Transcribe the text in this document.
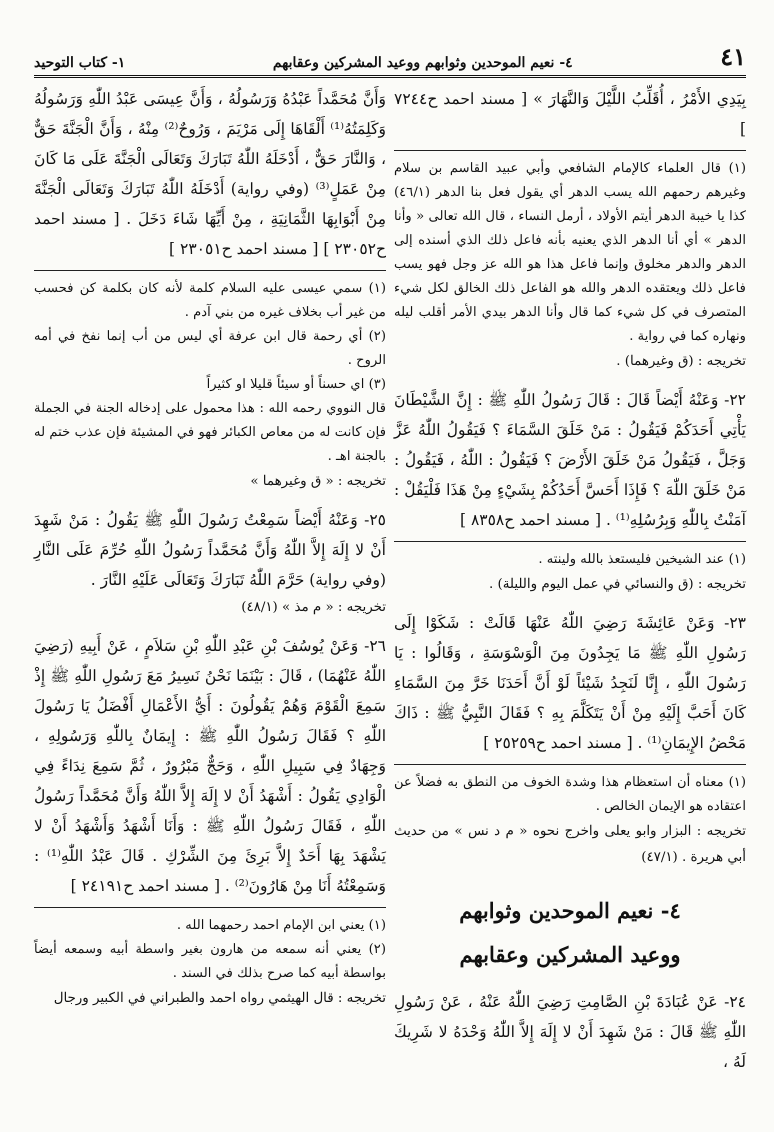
٤١
٤- نعيم الموحدين وثوابهم ووعيد المشركين وعقابهم
١- كتاب التوحيد

بِيَدِي الأَمْرُ ، أُقَلِّبُ اللَّيْلَ وَالنَّهَارَ » [ مسند احمد ح٧٢٤٤ ]

(١) قال العلماء كالإمام الشافعي وأبي عبيد القاسم بن سلام وغيرهم رحمهم الله يسب الدهر أي يقول فعل بنا الدهر (٤٦/١) كذا يا خيبة الدهر أيتم الأولاد ، أرمل النساء ، قال الله تعالى « وأنا الدهر » أي أنا الدهر الذي يعنيه بأنه فاعل ذلك الذي أسنده إلى الدهر والدهر مخلوق وإنما فاعل هذا هو الله عز وجل فهو يسب فاعل ذلك ويعتقده الدهر والله هو الفاعل ذلك الخالق لكل شيء المتصرف في كل شيء كما قال وأنا الدهر بيدي الأمر أقلب ليله ونهاره كما في رواية .

تخريجه : (ق وغيرهما) .

٢٢- وَعَنْهُ أَيْضاً قَالَ : قَالَ رَسُولُ اللّٰهِ ﷺ : إِنَّ الشَّيْطَانَ يَأْتِي أَحَدَكُمْ فَيَقُولُ : مَنْ خَلَقَ السَّمَاءَ ؟ فَيَقُولُ اللّٰهُ عَزَّ وَجَلَّ ، فَيَقُولُ مَنْ خَلَقَ الأَرْضَ ؟ فَيَقُولُ : اللّٰهُ ، فَيَقُولُ : مَنْ خَلَقَ اللّٰهَ ؟ فَإِذَا أَحَسَّ أَحَدُكُمْ بِشَيْءٍ مِنْ هَذَا فَلْيَقُلْ : آمَنْتُ بِاللّٰهِ وَبِرُسُلِهِ⁽¹⁾ . [ مسند احمد ح٨٣٥٨ ]

(١) عند الشيخين فليستعذ بالله ولينته .

تخريجه : (ق والنسائي في عمل اليوم والليلة) .

٢٣- وَعَنْ عَائِشَةَ رَضِيَ اللّٰهُ عَنْهَا قَالَتْ : شَكَوْا إِلَى رَسُولِ اللّٰهِ ﷺ مَا يَجِدُونَ مِنَ الْوَسْوَسَةِ ، وَقَالُوا : يَا رَسُولَ اللّٰهِ ، إِنَّا لَنَجِدُ شَيْئاً لَوْ أَنَّ أَحَدَنَا خَرَّ مِنَ السَّمَاءِ كَانَ أَحَبَّ إِلَيْهِ مِنْ أَنْ يَتَكَلَّمَ بِهِ ؟ فَقَالَ النَّبِيُّ ﷺ : ذَاكَ مَحْضُ الإِيمَانِ⁽¹⁾ . [ مسند احمد ح٢٥٢٥٩ ]

(١) معناه أن استعظام هذا وشدة الخوف من النطق به فضلاً عن اعتقاده هو الإيمان الخالص .

تخريجه : البزار وابو يعلى واخرج نحوه « م د نس » من حديث أبي هريرة . (٤٧/١)

٤- نعيم الموحدين وثوابهم

ووعيد المشركين وعقابهم

٢٤- عَنْ عُبَادَةَ بْنِ الصَّامِتِ رَضِيَ اللّٰهُ عَنْهُ ، عَنْ رَسُولِ اللّٰهِ ﷺ قَالَ : مَنْ شَهِدَ أَنْ لا إِلَهَ إِلاَّ اللّٰهُ وَحْدَهُ لا شَرِيكَ لَهُ ،

وَأَنَّ مُحَمَّداً عَبْدُهُ وَرَسُولُهُ ، وَأَنَّ عِيسَى عَبْدُ اللّٰهِ وَرَسُولُهُ وَكَلِمَتُهُ⁽¹⁾ أَلْقَاهَا إِلَى مَرْيَمَ ، وَرُوحٌ⁽²⁾ مِنْهُ ، وَأَنَّ الْجَنَّةَ حَقٌّ ، وَالنَّارَ حَقٌّ ، أَدْخَلَهُ اللّٰهُ تَبَارَكَ وَتَعَالَى الْجَنَّةَ عَلَى مَا كَانَ مِنْ عَمَلٍ⁽³⁾ (وفي رواية) أَدْخَلَهُ اللّٰهُ تَبَارَكَ وَتَعَالَى الْجَنَّةَ مِنْ أَبْوَابِهَا الثَّمَانِيَةِ ، مِنْ أَيِّهَا شَاءَ دَخَلَ . [ مسند احمد ح٢٣٠٥٢ ] [ مسند احمد ح٢٣٠٥١ ]

(١) سمي عيسى عليه السلام كلمة لأنه كان بكلمة كن فحسب من غير أب بخلاف غيره من بني آدم .

(٢) أي رحمة قال ابن عرفة أي ليس من أب إنما نفخ في أمه الروح .

(٣) اي حسناً أو سيئاً قليلا او كثيراً

قال النووي رحمه الله : هذا محمول على إدخاله الجنة في الجملة فإن كانت له من معاص الكبائر فهو في المشيئة فإن عذب ختم له بالجنة اهـ .

تخريجه : « ق وغيرهما »

٢٥- وَعَنْهُ أَيْضاً سَمِعْتُ رَسُولَ اللّٰهِ ﷺ يَقُولُ : مَنْ شَهِدَ أَنْ لا إِلَهَ إِلاَّ اللّٰهُ وَأَنَّ مُحَمَّداً رَسُولُ اللّٰهِ حُرِّمَ عَلَى النَّارِ (وفي رواية) حَرَّمَ اللّٰهُ تَبَارَكَ وَتَعَالَى عَلَيْهِ النَّارَ .

تخريجه : « م مذ » (٤٨/١)

٢٦- وَعَنْ يُوسُفَ بْنِ عَبْدِ اللّٰهِ بْنِ سَلاَمٍ ، عَنْ أَبِيهِ (رَضِيَ اللّٰهُ عَنْهُمَا) ، قَالَ : بَيْنَمَا نَحْنُ نَسِيرُ مَعَ رَسُولِ اللّٰهِ ﷺ إِذْ سَمِعَ الْقَوْمَ وَهُمْ يَقُولُونَ : أَيُّ الأَعْمَالِ أَفْضَلُ يَا رَسُولَ اللّٰهِ ؟ فَقَالَ رَسُولُ اللّٰهِ ﷺ : إِيمَانٌ بِاللّٰهِ وَرَسُولِهِ ، وَجِهَادٌ فِي سَبِيلِ اللّٰهِ ، وَحَجٌّ مَبْرُورٌ ، ثُمَّ سَمِعَ نِدَاءً فِي الْوَادِي يَقُولُ : أَشْهَدُ أَنْ لا إِلَهَ إِلاَّ اللّٰهُ وَأَنَّ مُحَمَّداً رَسُولُ اللّٰهِ ، فَقَالَ رَسُولُ اللّٰهِ ﷺ : وَأَنَا أَشْهَدُ وَأَشْهَدُ أَنْ لا يَشْهَدَ بِهَا أَحَدٌ إِلاَّ بَرِئَ مِنَ الشِّرْكِ . قَالَ عَبْدُ اللّٰهِ⁽¹⁾ : وَسَمِعْتُهُ أَنَا مِنْ هَارُونَ⁽²⁾ . [ مسند احمد ح٢٤١٩١ ]

(١) يعني ابن الإمام احمد رحمهما الله .

(٢) يعني أنه سمعه من هارون بغير واسطة أبيه وسمعه أيضاً بواسطة أبيه كما صرح بذلك في السند .

تخريجه : قال الهيثمي رواه احمد والطبراني في الكبير ورجال
